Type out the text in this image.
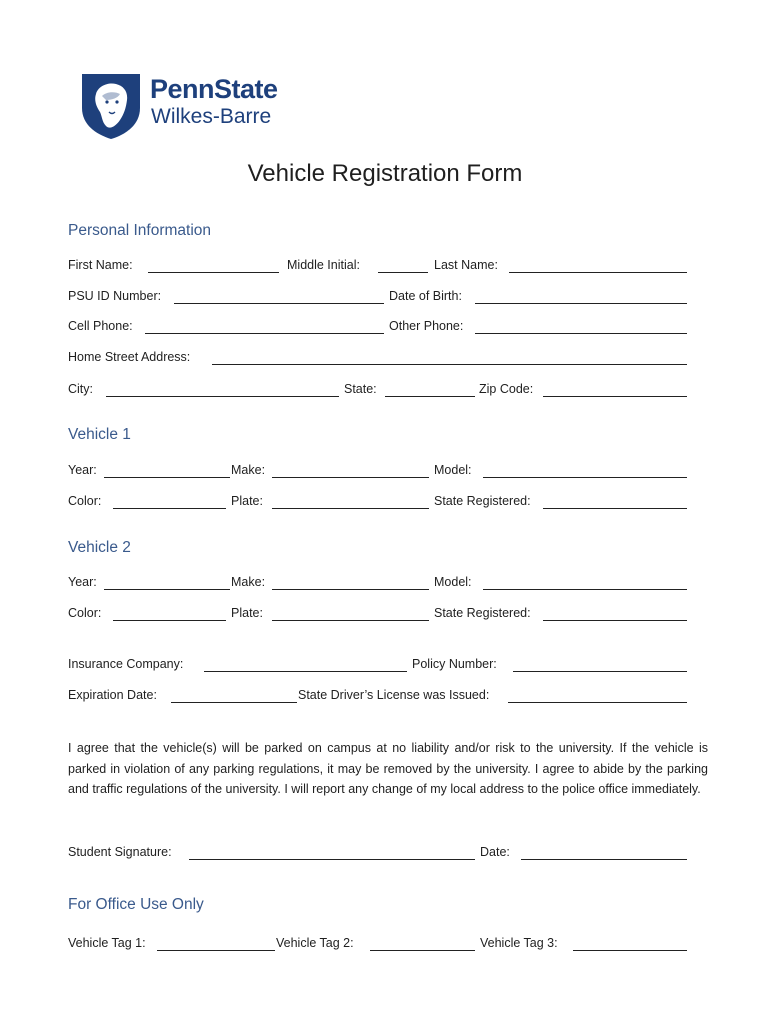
PennState
Wilkes-Barre
Vehicle Registration Form
Personal Information
First Name:	Middle Initial:	Last Name:
PSU ID Number:	Date of Birth:
Cell Phone:	Other Phone:
Home Street Address:
City:	State:	Zip Code:
Vehicle 1
Year:	Make:	Model:
Color:	Plate:	State Registered:
Vehicle 2
Year:	Make:	Model:
Color:	Plate:	State Registered:
Insurance Company:	Policy Number:
Expiration Date:	State Driver’s License was Issued:
I agree that the vehicle(s) will be parked on campus at no liability and/or risk to the university. If the vehicle is parked in violation of any parking regulations, it may be removed by the university. I agree to abide by the parking and traffic regulations of the university. I will report any change of my local address to the police office immediately.
Student Signature:	Date:
For Office Use Only
Vehicle Tag 1:	Vehicle Tag 2:	Vehicle Tag 3:
